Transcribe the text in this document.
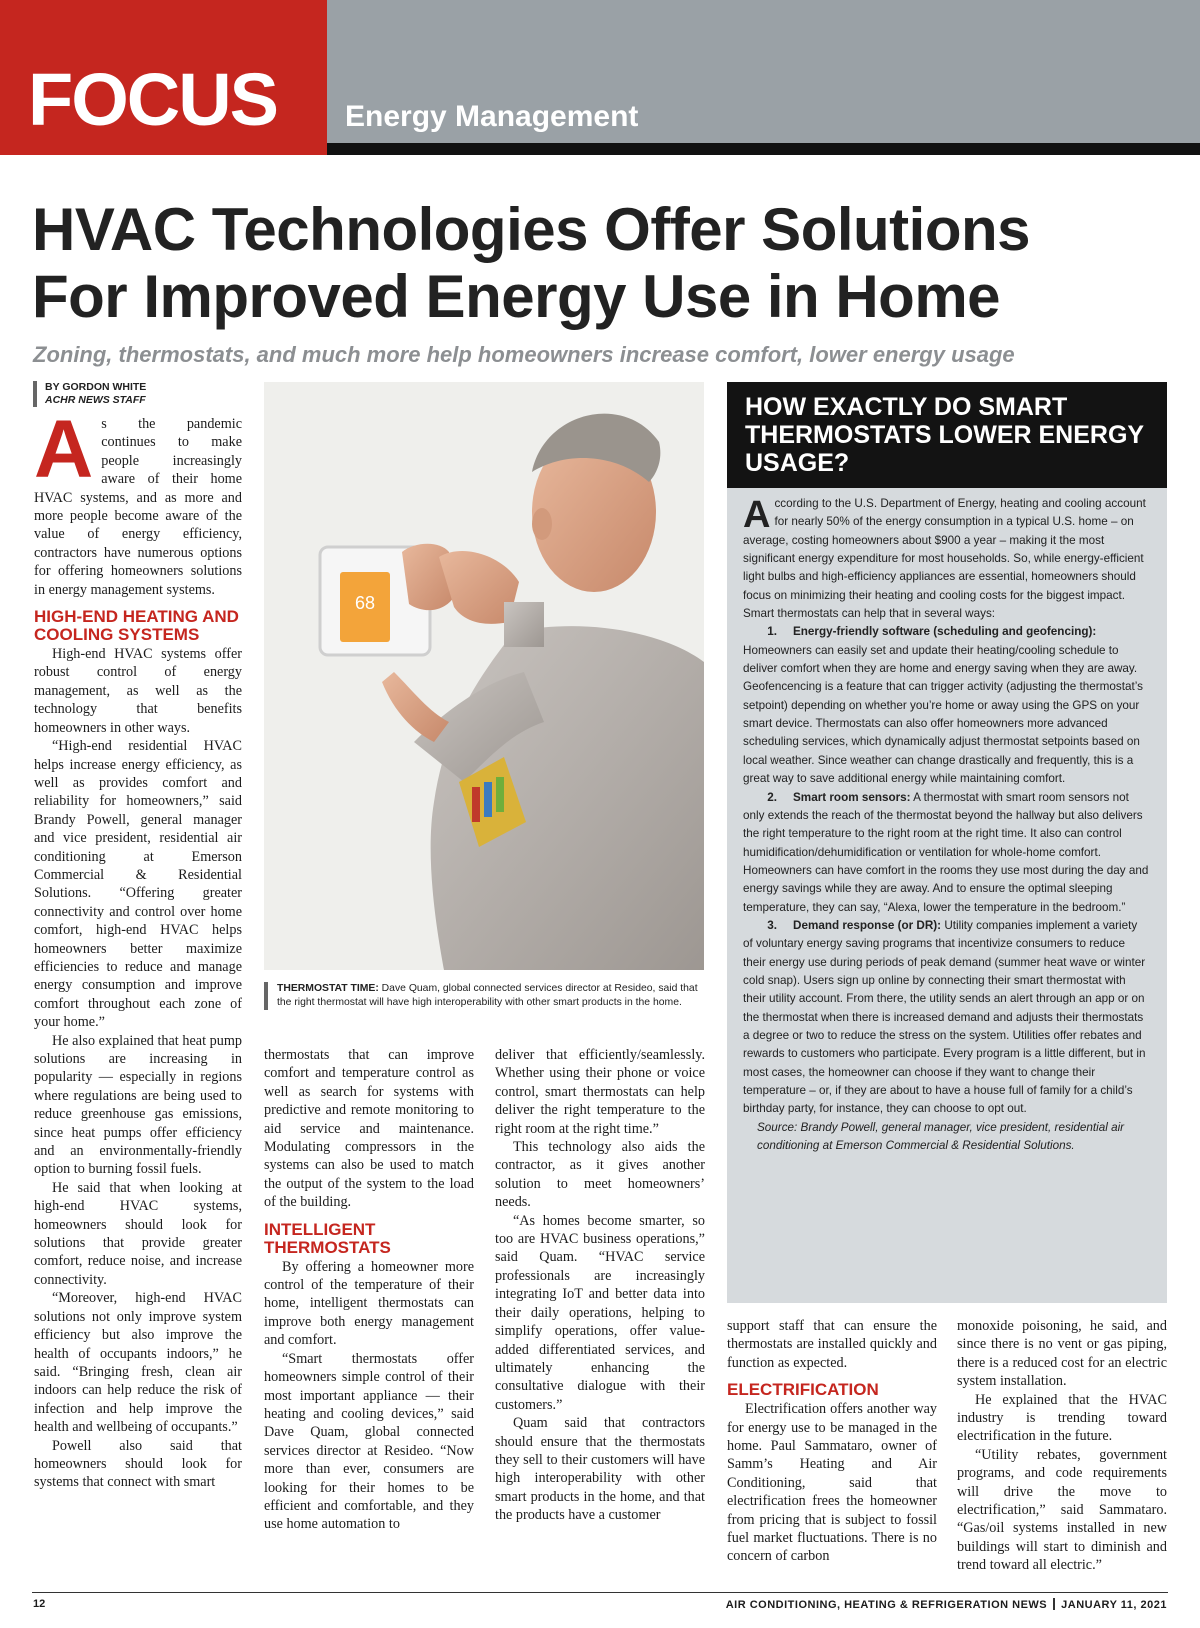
FOCUS Energy Management
HVAC Technologies Offer Solutions
For Improved Energy Use in Home
Zoning, thermostats, and much more help homeowners increase comfort, lower energy usage
BY GORDON WHITE
ACHR NEWS STAFF

As the pandemic continues to make people increasingly aware of their home HVAC systems, and as more and more people become aware of the value of energy efficiency, contractors have numerous options for offering homeowners solutions in energy management systems.

HIGH-END HEATING AND COOLING SYSTEMS

High-end HVAC systems offer robust control of energy management, as well as the technology that benefits homeowners in other ways.

“High-end residential HVAC helps increase energy efficiency, as well as provides comfort and reliability for homeowners,” said Brandy Powell, general manager and vice president, residential air conditioning at Emerson Commercial & Residential Solutions. “Offering greater connectivity and control over home comfort, high-end HVAC helps homeowners better maximize efficiencies to reduce and manage energy consumption and improve comfort throughout each zone of your home.”

He also explained that heat pump solutions are increasing in popularity — especially in regions where regulations are being used to reduce greenhouse gas emissions, since heat pumps offer efficiency and an environmentally-friendly option to burning fossil fuels.

He said that when looking at high-end HVAC systems, homeowners should look for solutions that provide greater comfort, reduce noise, and increase connectivity.

“Moreover, high-end HVAC solutions not only improve system efficiency but also improve the health of occupants indoors,” he said. “Bringing fresh, clean air indoors can help reduce the risk of infection and help improve the health and wellbeing of occupants.”

Powell also said that homeowners should look for systems that connect with smart

68
THERMOSTAT TIME: Dave Quam, global connected services director at Resideo, said that the right thermostat will have high interoperability with other smart products in the home.

thermostats that can improve comfort and temperature control as well as search for systems with predictive and remote monitoring to aid service and maintenance. Modulating compressors in the systems can also be used to match the output of the system to the load of the building.

INTELLIGENT THERMOSTATS

By offering a homeowner more control of the temperature of their home, intelligent thermostats can improve both energy management and comfort.

“Smart thermostats offer homeowners simple control of their most important appliance — their heating and cooling devices,” said Dave Quam, global connected services director at Resideo. “Now more than ever, consumers are looking for their homes to be efficient and comfortable, and they use home automation to

deliver that efficiently/seamlessly. Whether using their phone or voice control, smart thermostats can help deliver the right temperature to the right room at the right time.”

This technology also aids the contractor, as it gives another solution to meet homeowners’ needs.

“As homes become smarter, so too are HVAC business operations,” said Quam. “HVAC service professionals are increasingly integrating IoT and better data into their daily operations, helping to simplify operations, offer value-added differentiated services, and ultimately enhancing the consultative dialogue with their customers.”

Quam said that contractors should ensure that the thermostats they sell to their customers will have high interoperability with other smart products in the home, and that the products have a customer

HOW EXACTLY DO SMART THERMOSTATS LOWER ENERGY USAGE?

According to the U.S. Department of Energy, heating and cooling account for nearly 50% of the energy consumption in a typical U.S. home – on average, costing homeowners about $900 a year – making it the most significant energy expenditure for most households. So, while energy-efficient light bulbs and high-efficiency appliances are essential, homeowners should focus on minimizing their heating and cooling costs for the biggest impact. Smart thermostats can help that in several ways:

1. Energy-friendly software (scheduling and geofencing): Homeowners can easily set and update their heating/cooling schedule to deliver comfort when they are home and energy saving when they are away. Geofencencing is a feature that can trigger activity (adjusting the thermostat’s setpoint) depending on whether you’re home or away using the GPS on your smart device. Thermostats can also offer homeowners more advanced scheduling services, which dynamically adjust thermostat setpoints based on local weather. Since weather can change drastically and frequently, this is a great way to save additional energy while maintaining comfort.

2. Smart room sensors: A thermostat with smart room sensors not only extends the reach of the thermostat beyond the hallway but also delivers the right temperature to the right room at the right time. It also can control humidification/dehumidification or ventilation for whole-home comfort. Homeowners can have comfort in the rooms they use most during the day and energy savings while they are away. And to ensure the optimal sleeping temperature, they can say, “Alexa, lower the temperature in the bedroom.”

3. Demand response (or DR): Utility companies implement a variety of voluntary energy saving programs that incentivize consumers to reduce their energy use during periods of peak demand (summer heat wave or winter cold snap). Users sign up online by connecting their smart thermostat with their utility account. From there, the utility sends an alert through an app or on the thermostat when there is increased demand and adjusts their thermostats a degree or two to reduce the stress on the system. Utilities offer rebates and rewards to customers who participate. Every program is a little different, but in most cases, the homeowner can choose if they want to change their temperature – or, if they are about to have a house full of family for a child’s birthday party, for instance, they can choose to opt out.

Source: Brandy Powell, general manager, vice president, residential air conditioning at Emerson Commercial & Residential Solutions.

support staff that can ensure the thermostats are installed quickly and function as expected.

ELECTRIFICATION

Electrification offers another way for energy use to be managed in the home. Paul Sammataro, owner of Samm’s Heating and Air Conditioning, said that electrification frees the homeowner from pricing that is subject to fossil fuel market fluctuations. There is no concern of carbon

monoxide poisoning, he said, and since there is no vent or gas piping, there is a reduced cost for an electric system installation.

He explained that the HVAC industry is trending toward electrification in the future.

“Utility rebates, government programs, and code requirements will drive the move to electrification,” said Sammataro. “Gas/oil systems installed in new buildings will start to diminish and trend toward all electric.”

12	AIR CONDITIONING, HEATING & REFRIGERATION NEWS JANUARY 11, 2021
